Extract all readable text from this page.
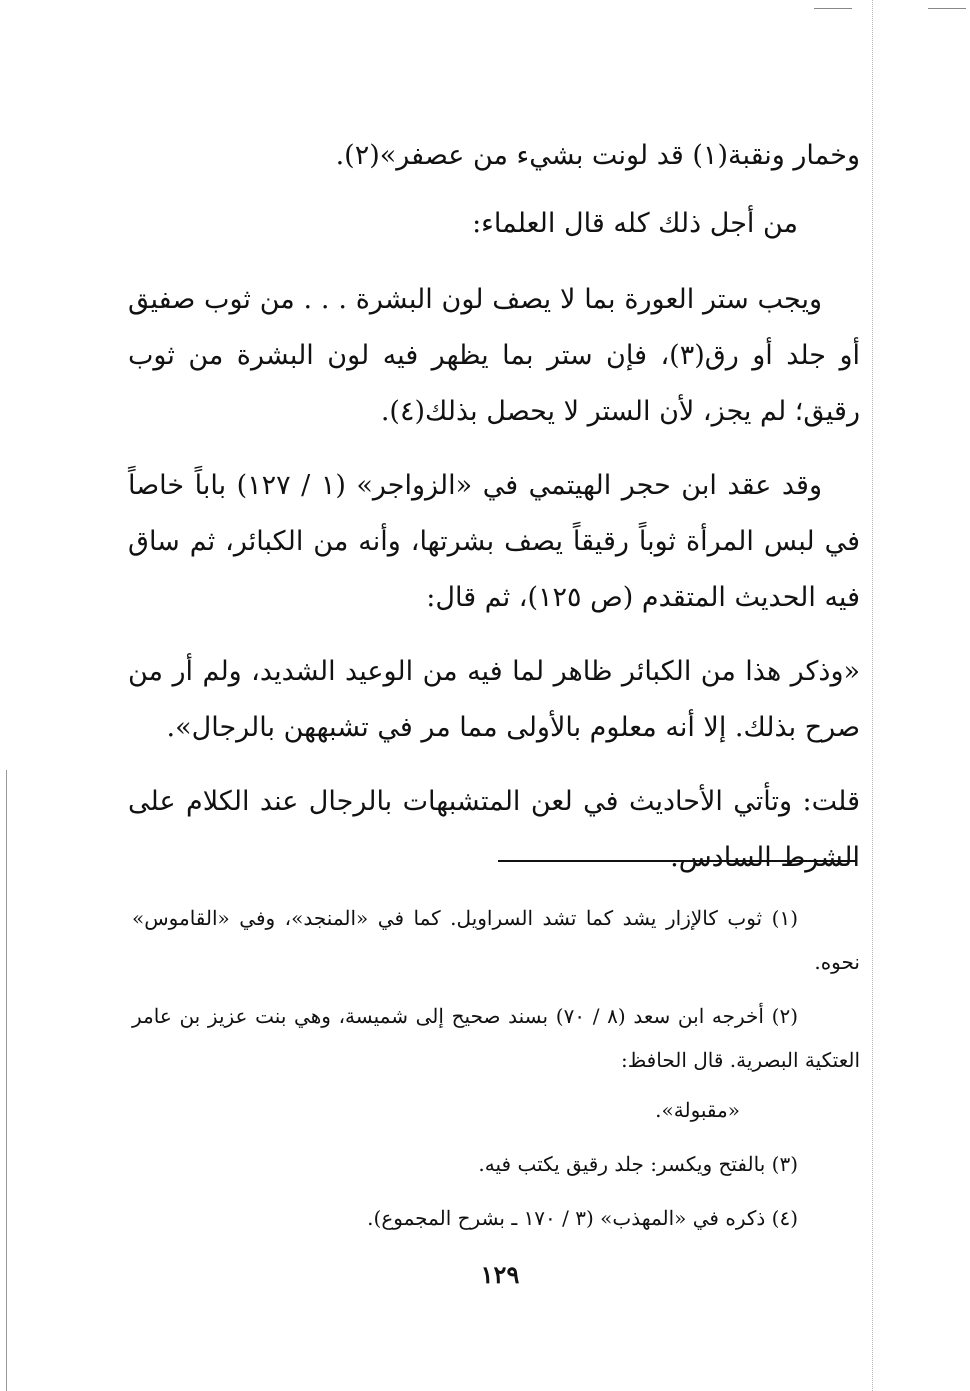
وخمار ونقبة(١) قد لونت بشيء من عصفر»(٢).

من أجل ذلك كله قال العلماء:

ويجب ستر العورة بما لا يصف لون البشرة . . . من ثوب صفيق أو جلد أو رق(٣)، فإن ستر بما يظهر فيه لون البشرة من ثوب رقيق؛ لم يجز، لأن الستر لا يحصل بذلك(٤).

وقد عقد ابن حجر الهيتمي في «الزواجر» (١ / ١٢٧) باباً خاصاً في لبس المرأة ثوباً رقيقاً يصف بشرتها، وأنه من الكبائر، ثم ساق فيه الحديث المتقدم (ص ١٢٥)، ثم قال:

«وذكر هذا من الكبائر ظاهر لما فيه من الوعيد الشديد، ولم أر من صرح بذلك. إلا أنه معلوم بالأولى مما مر في تشبههن بالرجال».

قلت: وتأتي الأحاديث في لعن المتشبهات بالرجال عند الكلام على الشرط السادس.

(١) ثوب كالإزار يشد كما تشد السراويل. كما في «المنجد»، وفي «القاموس» نحوه.

(٢) أخرجه ابن سعد (٨ / ٧٠) بسند صحيح إلى شميسة، وهي بنت عزيز بن عامر العتكية البصرية. قال الحافظ:

«مقبولة».

(٣) بالفتح ويكسر: جلد رقيق يكتب فيه.

(٤) ذكره في «المهذب» (٣ / ١٧٠ ـ بشرح المجموع).

١٢٩
